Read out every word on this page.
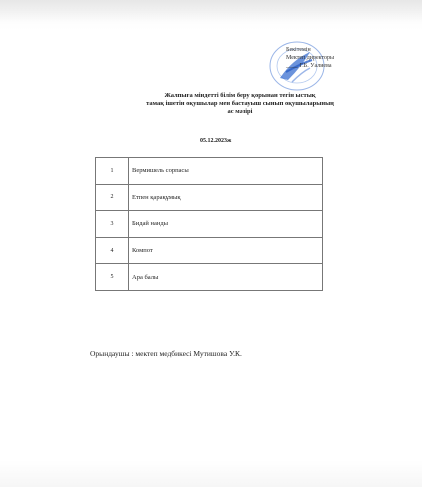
Бекітемін
Мектеп директоры
____ Г.Б. Уалиева
Жалпыға міндетті білім беру қорынан тегін ыстық
тамақ ішетін оқушылар мен бастауыш сынып оқушыларының
ас мәзірі
05.12.2023ж
1	Вермишель сорпасы
2	Етпен қарақұмық
3	Бидай нанды
4	Компот
5	Арa балы
Орындаушы : мектеп медбикесі Мутишова У.К.
